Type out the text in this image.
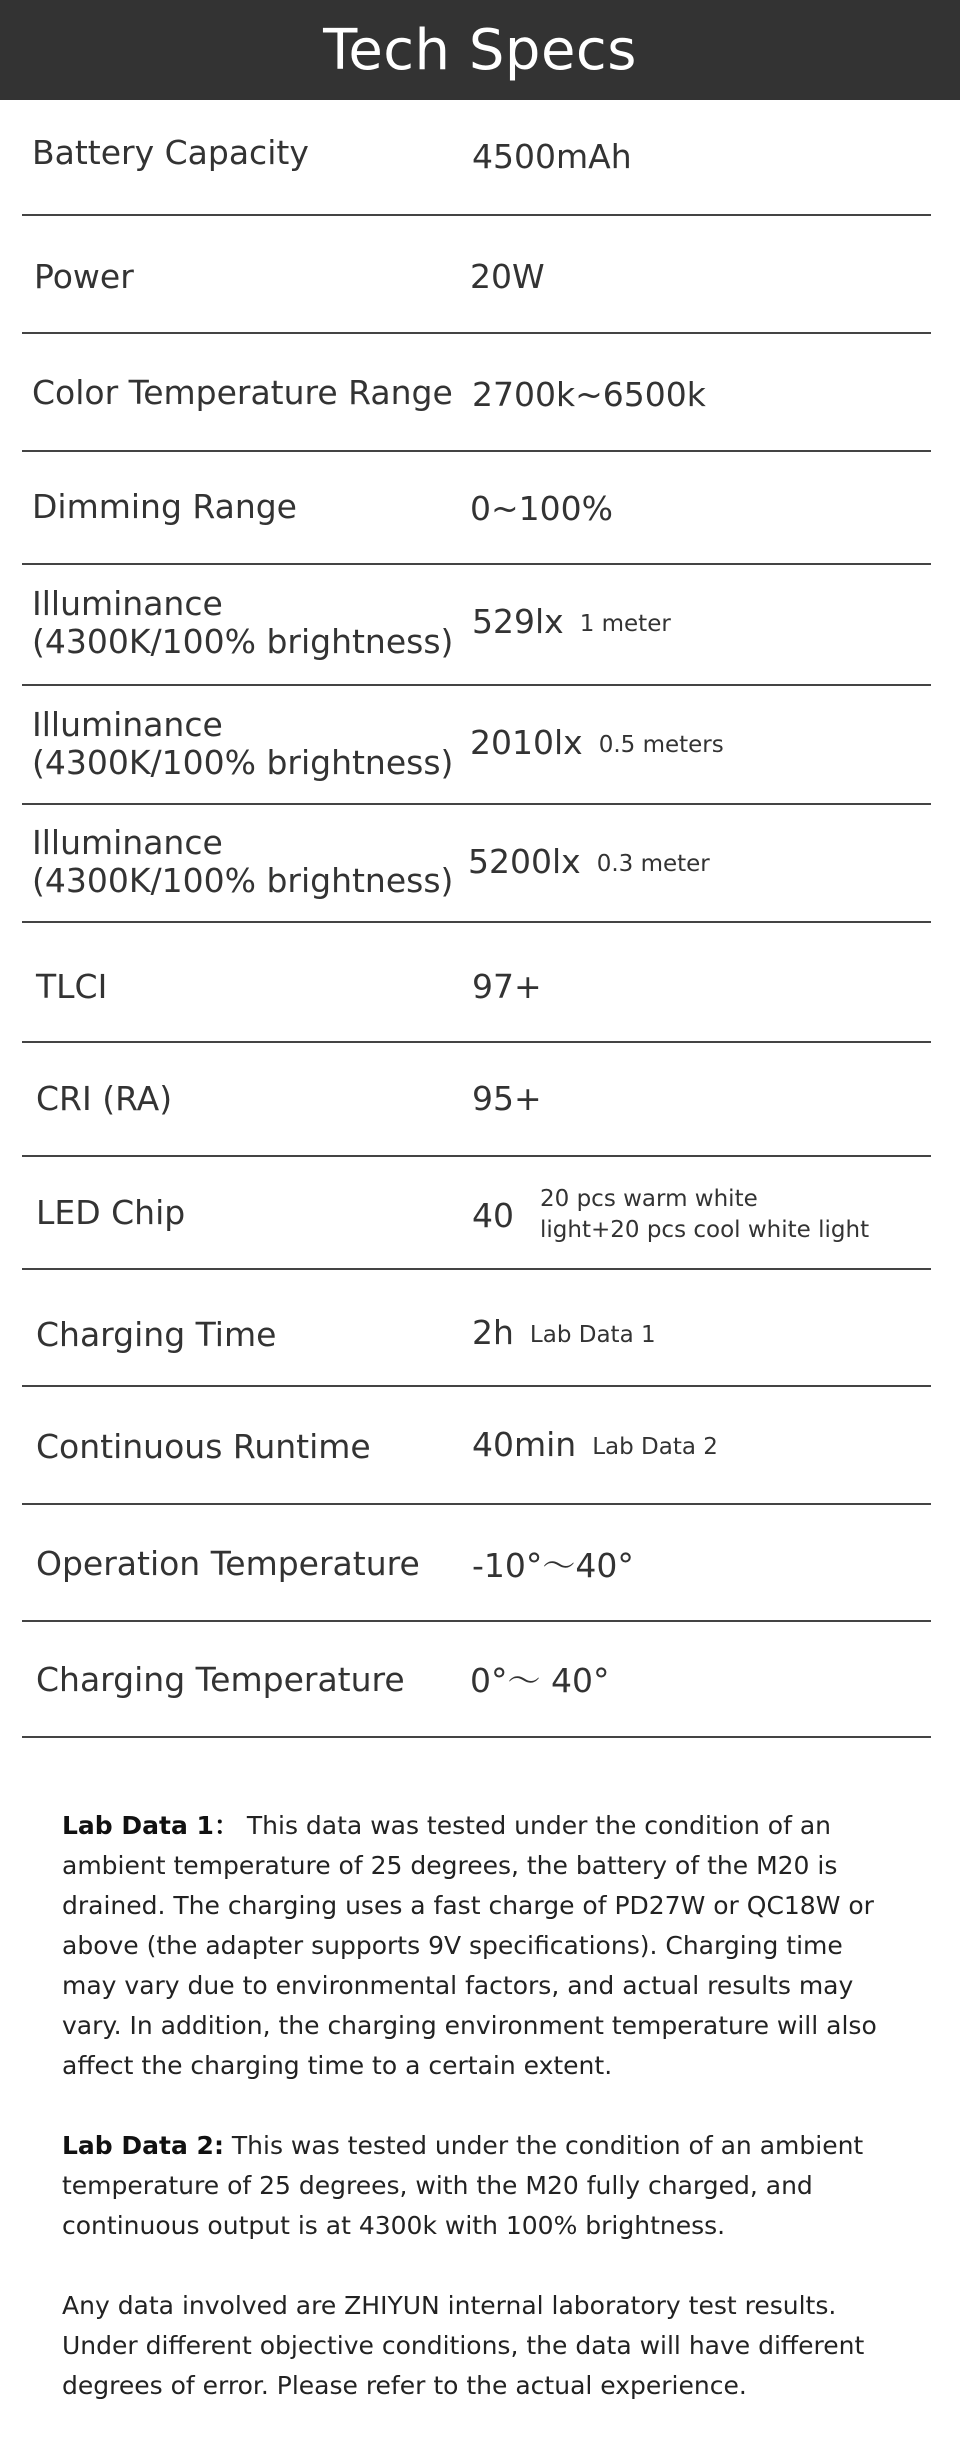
Tech Specs
Battery Capacity	4500mAh
Power	20W
Color Temperature Range 2700k~6500k
Dimming Range	0~100%
Illuminance
(4300K/100% brightness)
529lx 1 meter
Illuminance
(4300K/100% brightness)
2010lx 0.5 meters
Illuminance
(4300K/100% brightness) 5200lx 0.3 meter
TLCI	97+
CRI (RA)	95+
LED Chip	40 20 pcs warm white
light+20 pcs cool white light
Charging Time	2h Lab Data 1
Continuous Runtime	40min Lab Data 2
Operation Temperature -10°～40°
Charging Temperature 0°～ 40°

Lab Data 1： This data was tested under the condition of an ambient temperature of 25 degrees, the battery of the M20 is drained. The charging uses a fast charge of PD27W or QC18W or above (the adapter supports 9V specifications). Charging time may vary due to environmental factors, and actual results may vary. In addition, the charging environment temperature will also affect the charging time to a certain extent.

Lab Data 2: This was tested under the condition of an ambient temperature of 25 degrees, with the M20 fully charged, and continuous output is at 4300k with 100% brightness.

Any data involved are ZHIYUN internal laboratory test results. Under different objective conditions, the data will have different degrees of error. Please refer to the actual experience.
